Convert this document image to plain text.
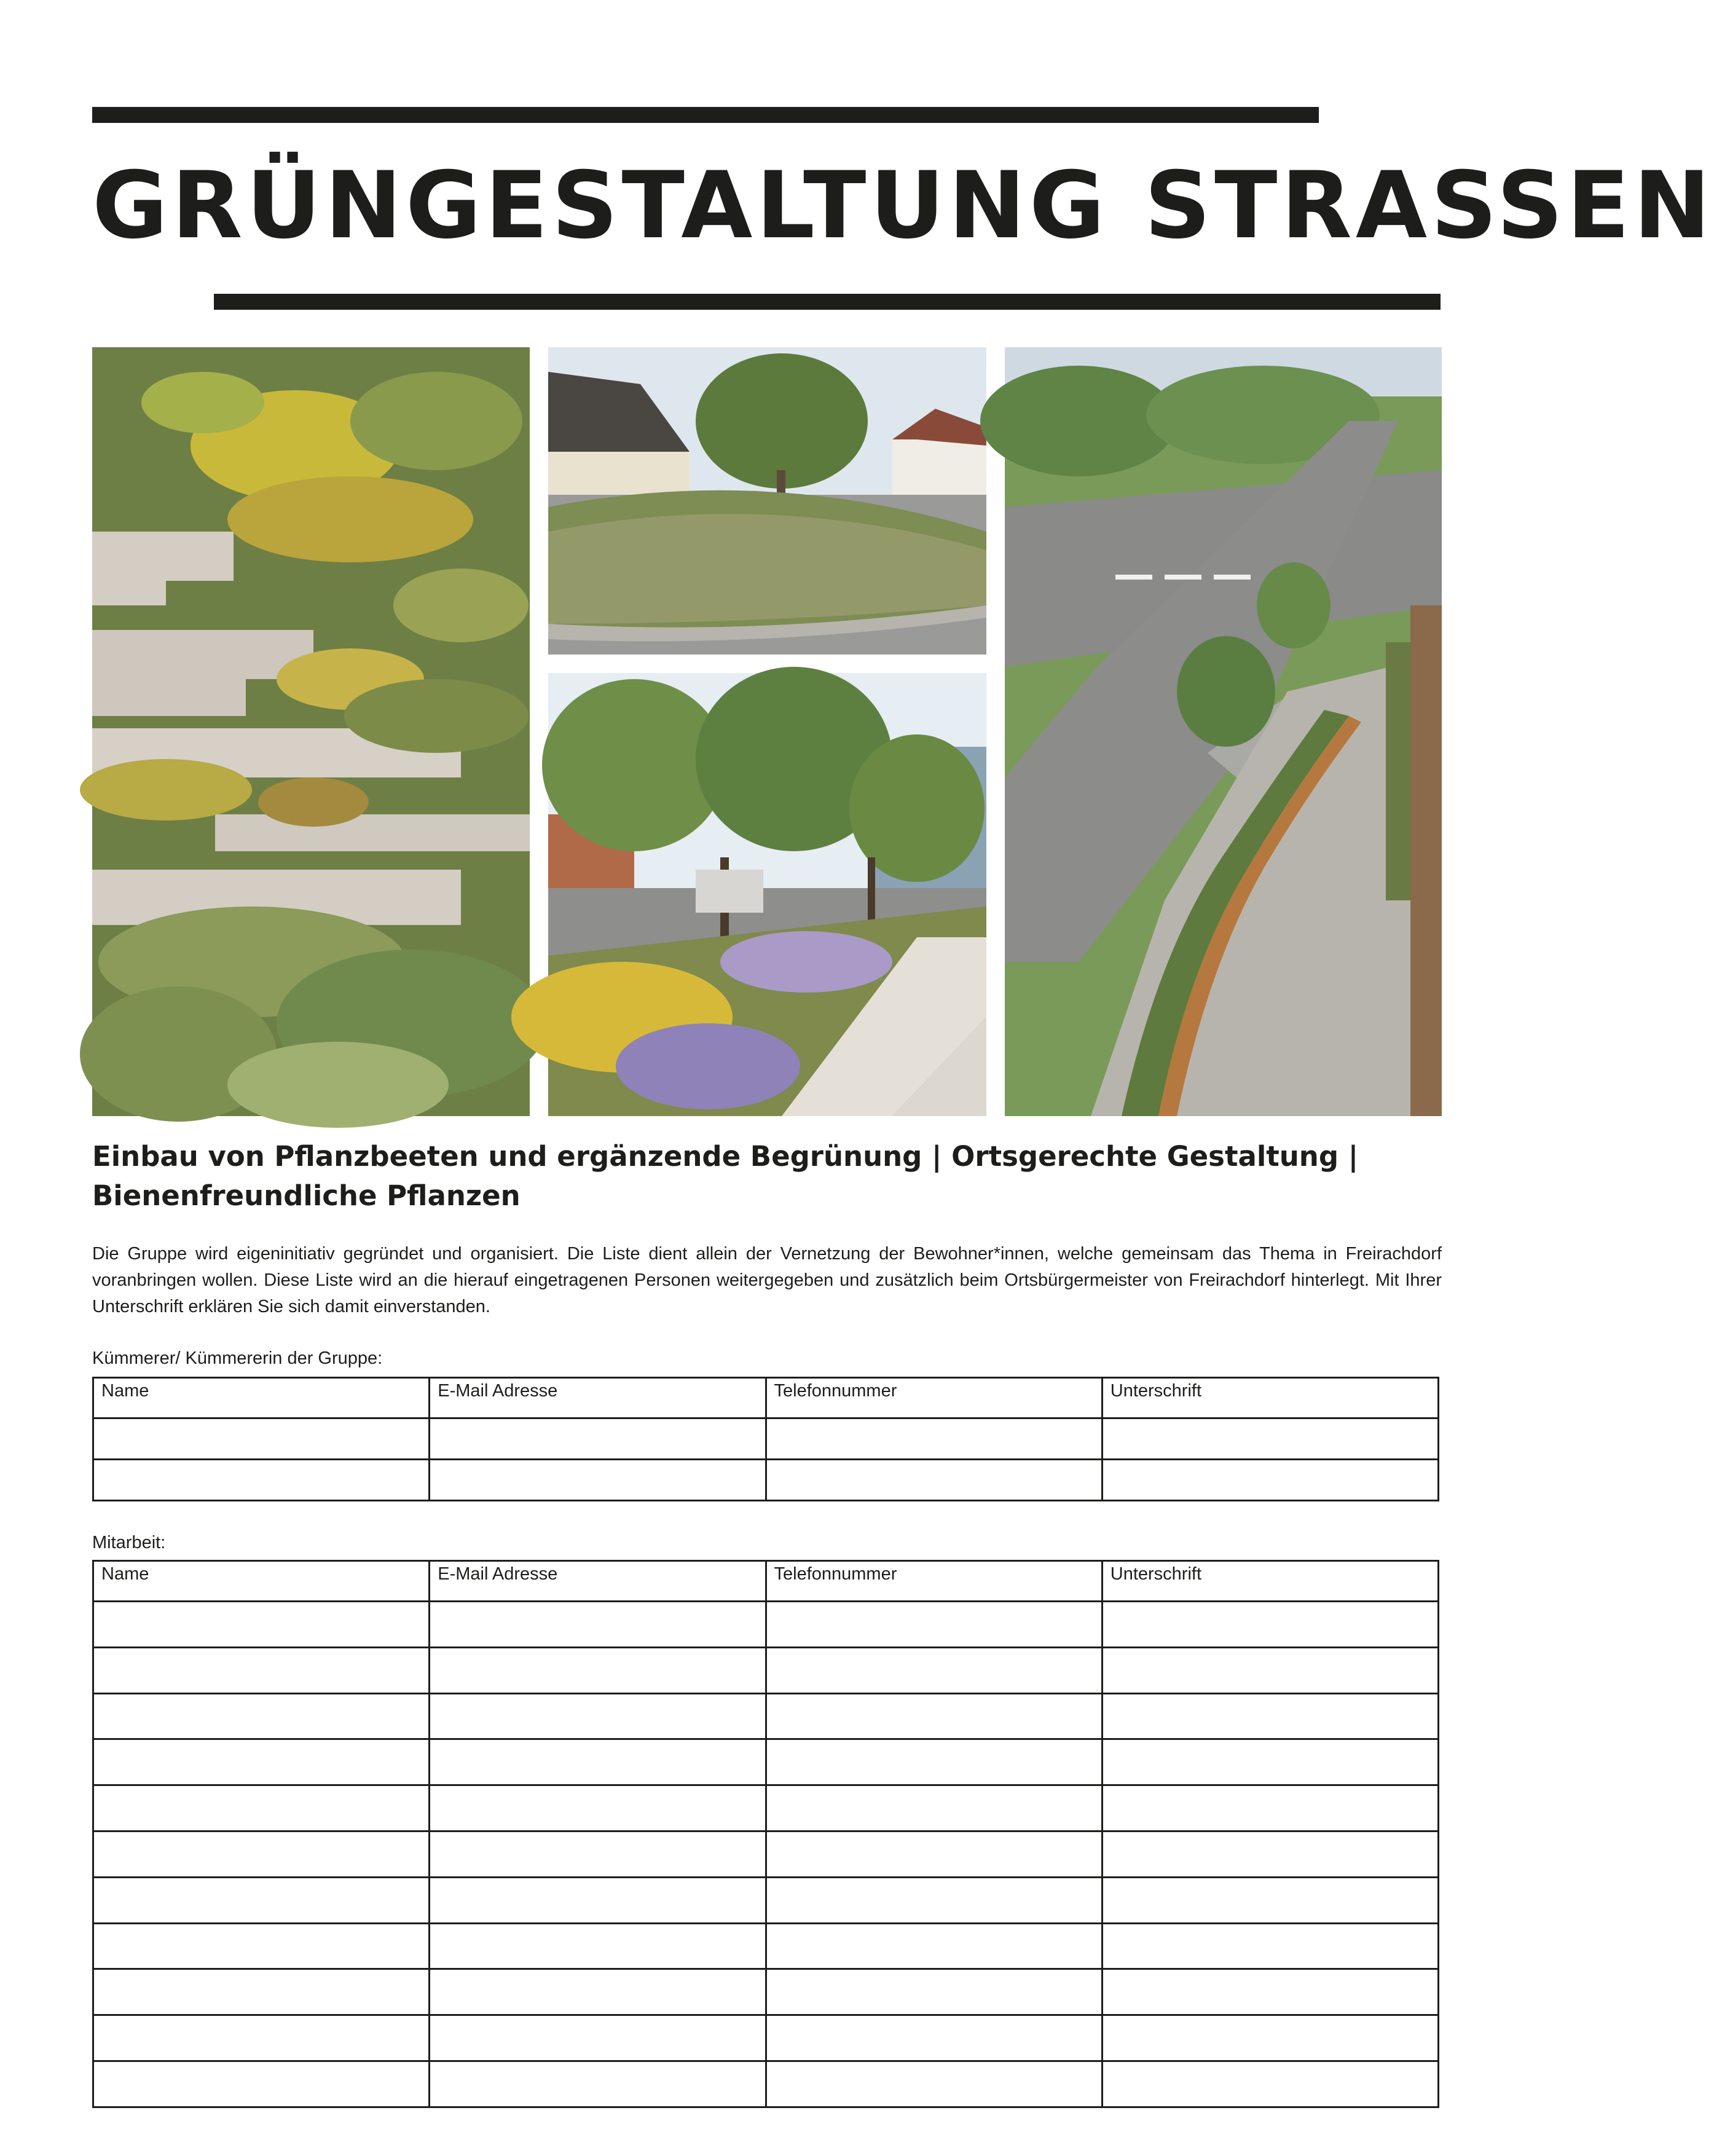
GRÜNGESTALTUNG STRASSEN
Einbau von Pflanzbeeten und ergänzende Begrünung | Ortsgerechte Gestaltung |
Bienenfreundliche Pflanzen

Die Gruppe wird eigeninitiativ gegründet und organisiert. Die Liste dient allein der Vernetzung der Bewohner*innen, welche gemeinsam das Thema in Freirachdorf voranbringen wollen. Diese Liste wird an die hierauf eingetragenen Personen weitergegeben und zusätzlich beim Ortsbürgermeister von Freirachdorf hinterlegt. Mit Ihrer Unterschrift erklären Sie sich damit einverstanden.

Kümmerer/ Kümmererin der Gruppe:
Name	E-Mail Adresse	Telefonnummer	Unterschrift

Mitarbeit:
Name	E-Mail Adresse	Telefonnummer	Unterschrift
